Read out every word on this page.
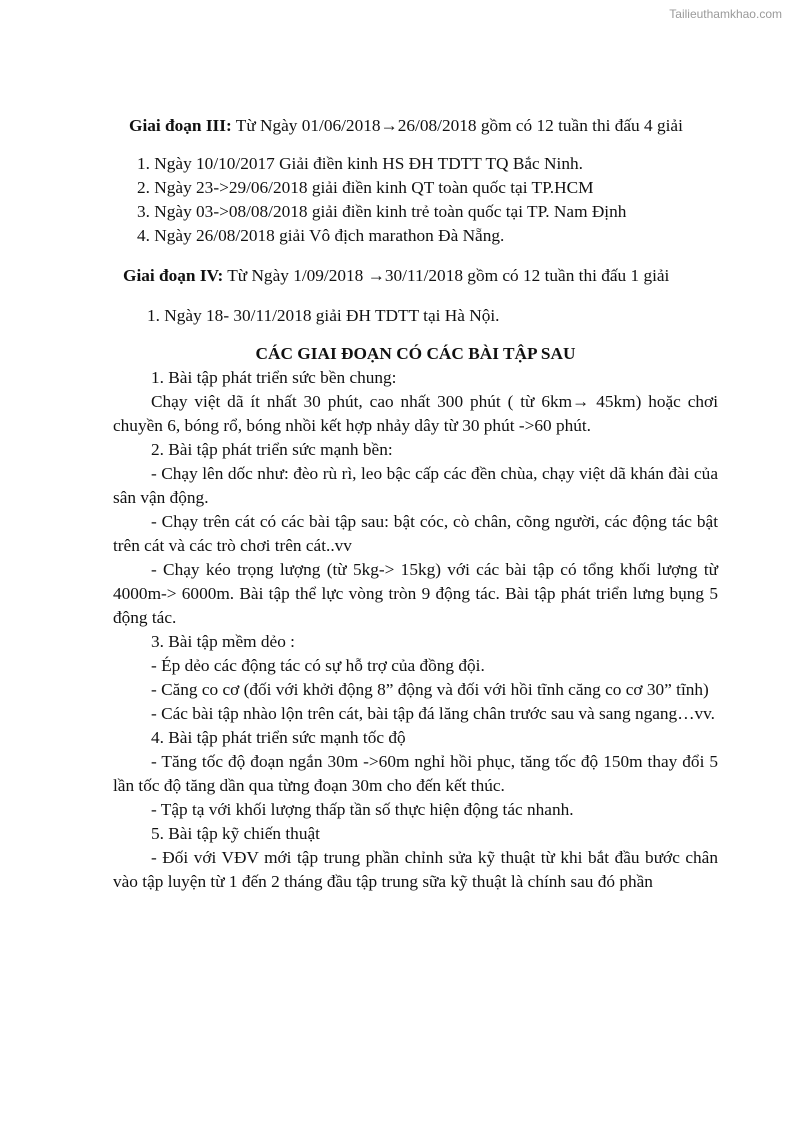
Tailieuthamkhao.com

Giai đoạn III: Từ Ngày 01/06/2018→26/08/2018 gồm có 12 tuần thi đấu 4 giải

1. Ngày 10/10/2017 Giải điền kinh HS ĐH TDTT TQ Bắc Ninh.
2. Ngày 23->29/06/2018 giải điền kinh QT toàn quốc tại TP.HCM
3. Ngày 03->08/08/2018 giải điền kinh trẻ toàn quốc tại TP. Nam Định
4. Ngày 26/08/2018 giải Vô địch marathon Đà Nẵng.

Giai đoạn IV: Từ Ngày 1/09/2018 →30/11/2018 gồm có 12 tuần thi đấu 1 giải

1. Ngày 18- 30/11/2018 giải ĐH TDTT tại Hà Nội.

CÁC GIAI ĐOẠN CÓ CÁC BÀI TẬP SAU

1. Bài tập phát triển sức bền chung:

Chạy việt dã ít nhất 30 phút, cao nhất 300 phút ( từ 6km→ 45km) hoặc chơi chuyền 6, bóng rổ, bóng nhồi kết hợp nhảy dây từ 30 phút ->60 phút.

2. Bài tập phát triển sức mạnh bền:

- Chạy lên dốc như: đèo rù rì, leo bậc cấp các đền chùa, chạy việt dã khán đài của sân vận động.

- Chạy trên cát có các bài tập sau: bật cóc, cò chân, cõng người, các động tác bật trên cát và các trò chơi trên cát..vv

- Chạy kéo trọng lượng (từ 5kg-> 15kg) với các bài tập có tổng khối lượng từ 4000m-> 6000m. Bài tập thể lực vòng tròn 9 động tác. Bài tập phát triển lưng bụng 5 động tác.

3. Bài tập mềm dẻo :

- Ép dẻo các động tác có sự hỗ trợ của đồng đội.

- Căng co cơ (đối với khởi động 8” động và đối với hồi tĩnh căng co cơ 30” tĩnh)

- Các bài tập nhào lộn trên cát, bài tập đá lăng chân trước sau và sang ngang…vv.

4. Bài tập phát triển sức mạnh tốc độ

- Tăng tốc độ đoạn ngắn 30m ->60m nghỉ hồi phục, tăng tốc độ 150m thay đổi 5 lần tốc độ tăng dần qua từng đoạn 30m cho đến kết thúc.

- Tập tạ với khối lượng thấp tần số thực hiện động tác nhanh.

5. Bài tập kỹ chiến thuật

- Đối với VĐV mới tập trung phần chỉnh sửa kỹ thuật từ khi bắt đầu bước chân vào tập luyện từ 1 đến 2 tháng đầu tập trung sữa kỹ thuật là chính sau đó phần
